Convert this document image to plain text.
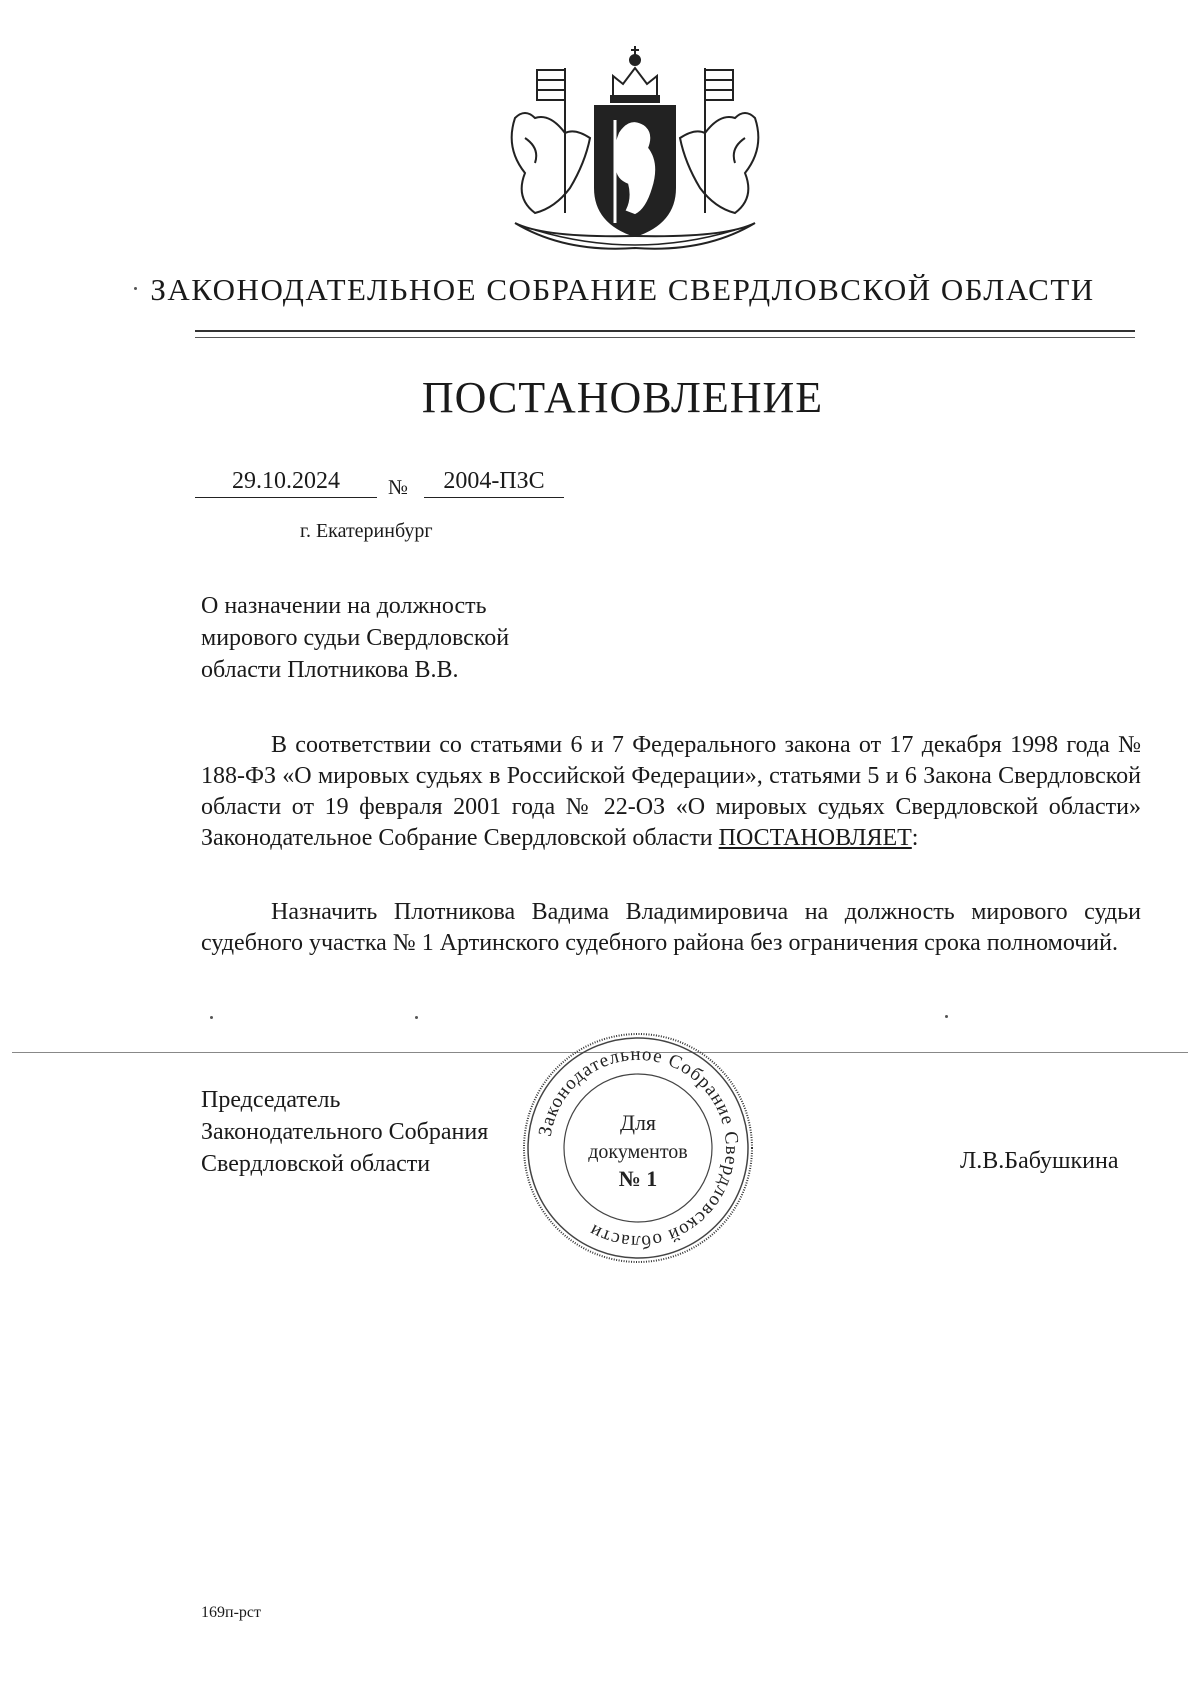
ЗАКОНОДАТЕЛЬНОЕ СОБРАНИЕ СВЕРДЛОВСКОЙ ОБЛАСТИ
ПОСТАНОВЛЕНИЕ
29.10.2024	№	2004-ПЗС
г. Екатеринбург
О назначении на должность
мирового судьи Свердловской
области Плотникова В.В.
В соответствии со статьями 6 и 7 Федерального закона от 17 декабря 1998 года № 188-ФЗ «О мировых судьях в Российской Федерации», статьями 5 и 6 Закона Свердловской области от 19 февраля 2001 года № 22-ОЗ «О мировых судьях Свердловской области» Законодательное Собрание Свердловской области ПОСТАНОВЛЯЕТ:
Назначить Плотникова Вадима Владимировича на должность мирового судьи судебного участка № 1 Артинского судебного района без ограничения срока полномочий.
Председатель
Законодательного Собрания
Свердловской области
Законодательное Собрание Свердловской области
Для
документов
№ 1
Л.В.Бабушкина
169п-рст
